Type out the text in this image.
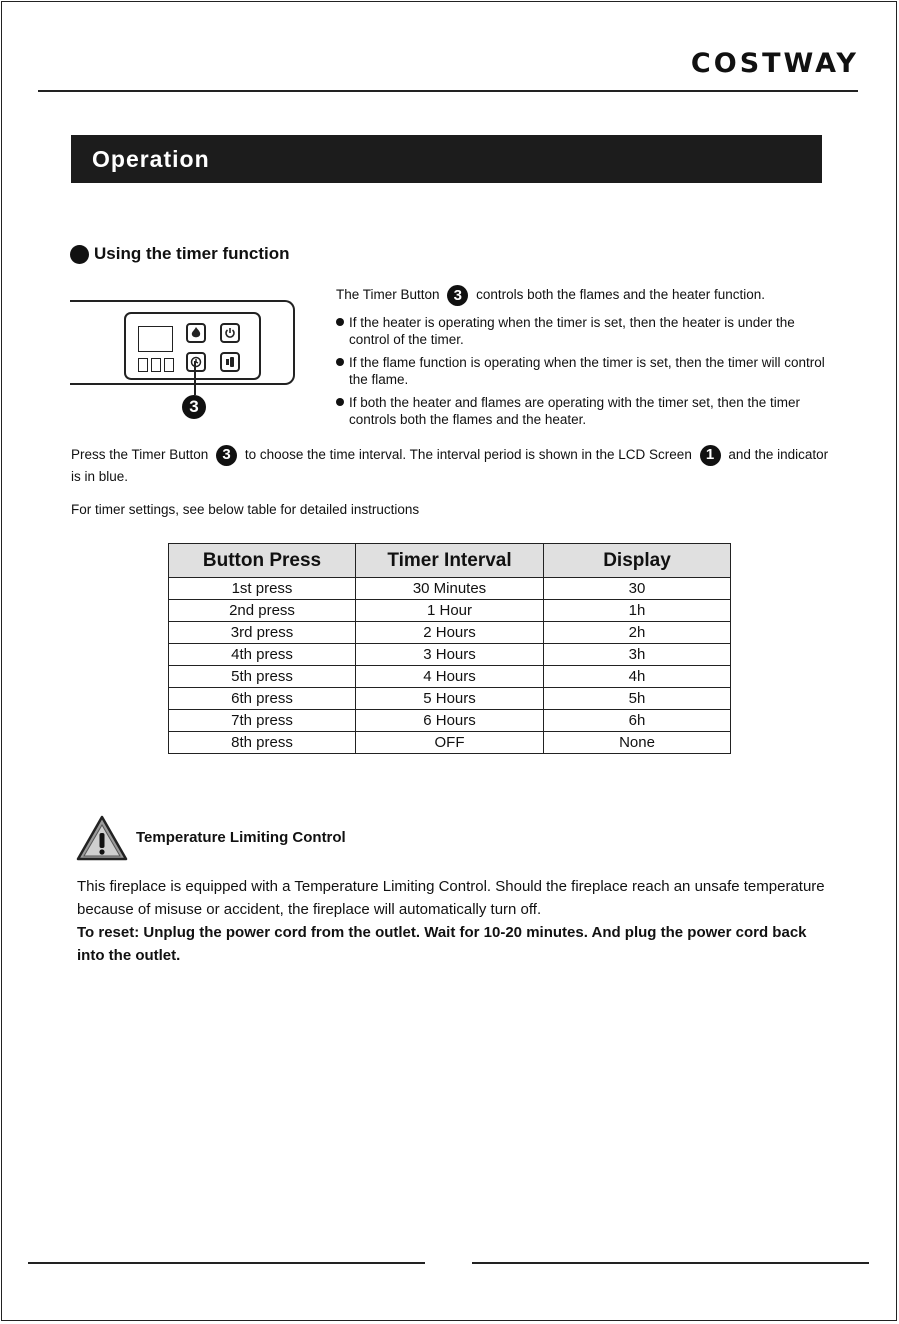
COSTWAY
Operation
Using the timer function
3

The Timer Button 3 controls both the flames and the heater function.

If the heater is operating when the timer is set, then the heater is under the control of the timer.
If the flame function is operating when the timer is set, then the timer will control the flame.
If both the heater and flames are operating with the timer set, then the timer controls both the flames and the heater.
Press the Timer Button 3 to choose the time interval. The interval period is shown in the LCD Screen 1 and the indicator is in blue.
For timer settings, see below table for detailed instructions
Button Press	Timer Interval	Display
1st press	30 Minutes	30
2nd press	1 Hour	1h
3rd press	2 Hours	2h
4th press	3 Hours	3h
5th press	4 Hours	4h
6th press	5 Hours	5h
7th press	6 Hours	6h
8th press	OFF	None
Temperature Limiting Control
This fireplace is equipped with a Temperature Limiting Control. Should the fireplace reach an unsafe temperature because of misuse or accident, the fireplace will automatically turn off.
To reset: Unplug the power cord from the outlet. Wait for 10-20 minutes. And plug the power cord back into the outlet.
